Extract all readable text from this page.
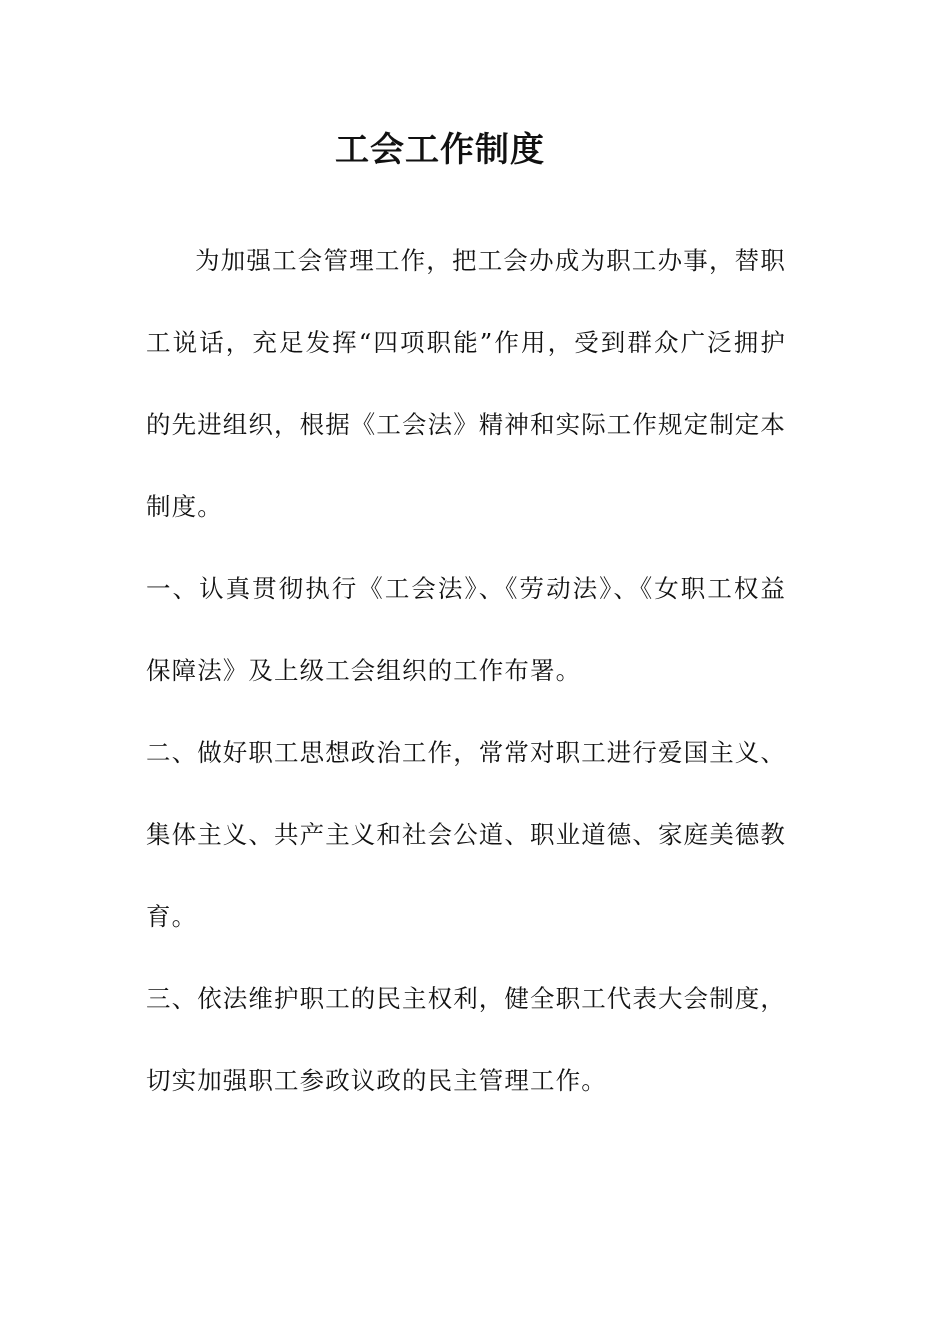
工会工作制度

为加强工会管理工作，把工会办成为职工办事，替职工说话，充足发挥“四项职能”作用，受到群众广泛拥护的先进组织，根据《工会法》精神和实际工作规定制定本制度。

一、认真贯彻执行《工会法》、《劳动法》、《女职工权益保障法》及上级工会组织的工作布署。

二、做好职工思想政治工作，常常对职工进行爱国主义、集体主义、共产主义和社会公道、职业道德、家庭美德教育。

三、依法维护职工的民主权利，健全职工代表大会制度，切实加强职工参政议政的民主管理工作。
